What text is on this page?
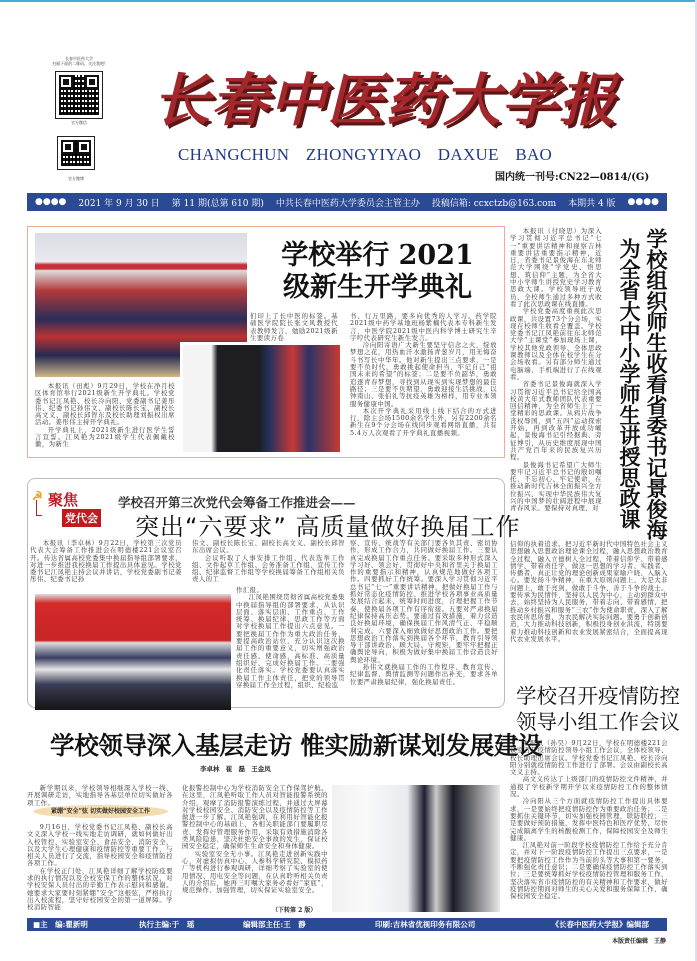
长春中医药大学
扫描下面的二维码，关注我吧!
官方微信
官方微博
长春中医药大学报
CHANGCHUN ZHONGYIYAO DAXUE BAO
国内统一刊号:CN22—0814/(G)
●●●● 2021 年 9 月 30 日 第 11 期(总第 610 期) 中共长春中医药大学委员会主管主办 投稿信箱: ccxctzb@163.com 本期共 4 版 ●●●●
学校举行 2021 级新生开学典礼

本报讯（田彪）9月29日，学校在净月校区体育馆举行2021级新生开学典礼。学校党委书记江凤艳、校长冷向阳、党委副书记姜彤伟、纪委书记孙伟文、副校长陈长宝、副校长高文义、副校长邱智东及校长助理刘振权出席活动。姜彤伟主持开学典礼。

开学典礼上，2021级新生进行医学生誓言宣誓。江凤艳为2021级学生代表佩戴校徽，为新生

们印上了长中医的标签。基础医学院院长张文风教授代表教师发言，勉励2021级新生要读万卷

书、行万里路，要多向优秀的人学习。药学院2021级中药学基地班杨紫楠代表本专科新生发言，中医学院2021级中医内科学博士研究生辛宇哼代表研究生新生发言。

冷向阳寄语广大新生要坚守信念之火，绽放梦想之花，用热血汗水激扬青葱岁月，用无悔奋斗书写长中华年。他对新生提出三点要求，一是要不负时代，勇敢挑起使命担当，牢记自己“祖国未来的希望”的标签；二是要不负韶华，勇敢追逐青春梦想，寻找到从现实到实现梦想的最佳路径；三是要不负期望，勇敢迎接生活挑战，以钟南山、张伯礼等抗疫英雄为榜样，用专业本领服务健康中国。

本次开学典礼采用线上线下结合的方式进行，除主会场1500余名学生外，另有2200余名新生在9个分会场在线同步观看网络直播，共有5.4万人次观看了开学典礼直播视频。	学校组织师生收看省委书记景俊海
为全省大中小学师生讲授思政课

本报讯（付晓思）为深入学习贯彻习近平总书记“七一”重要讲话精神和视察吉林重要讲话重要指示精神，近日，省委书记景俊海在东北师范大学围绕“学党史、悟思想、筑信仰”主题，为全省大中小学师生讲授党史学习教育思政大课。学校领导班子成员、全校师生通过多种方式收看了此次思政课在线直播。

学校党委高度重视此次思政课，共设置73个分会场，实现在校师生收看全覆盖。学校党委书记江凤艳前往东北师范大学“主课堂”参加现场上课，学校其他党政领导、全体思政课教师以及全体在校学生在分会场收看。另有部分师生通过电脑端、手机端进行了在线观看。

省委书记景俊海就深入学习贯彻习近平总书记给全国高校黄大年式教师团队代表重要回信精神，为全省师生上了一堂精彩的思政课。从鸦片战争丧权辱国，到“五四”运动探索开始，再到改革开放成功崛起，景俊海书记引经据典、旁征博引，从历史维度展现中国共产党百年来的民族复兴历程。

景俊海书记希望广大师生要牢记习近平总书记的殷切嘱托，不忘初心、牢记使命，在推动新时代吉林全面振兴全方位振兴、实现中华民族伟大复兴的中国梦的壮阔进程中展现青春风采。要保持对真理、对

信仰的执着追求。把习近平新时代中国特色社会主义思想融入思想政治理论课全过程，融入思想政治教育全过程，融入立德树人全过程，带着信仰学、带着感情学、带着责任学，做这一思想的学习者、实践者、传播者，真正让党的理论创新成果家喻户晓、入脑入心。要发扬斗争精神，在重大原则问题上、大是大非问题上，敢于亮剑，做敢于斗争、善于斗争的战士。要传承为民情怀，坚持以人民为中心，主动到群众中去，始终坚持为人民服务，带着志向、带着感情，把推动乡村振兴和服务“三农”作为使命职责，深入了解农民所思所想，为农民解决实际问题。要勇于创新创造，大力推动科技创新，积极投身创业洪流，特别要着力推动科技创新和农业发展紧密结合，全面提高现代农业发展水平。

☭ 聚焦
党代会
学校召开第三次党代会筹备工作推进会——
突出“六要求” 高质量做好换届工作

本报讯（李卓林）9月22日，学校第三次党员代表大会筹备工作推进会在明德楼221会议室召开。传达省属高校党委集中换届指导组部署要求，对进一步推进我校换届工作提出具体意见。学校党委书记江凤艳主持会议并讲话，学校党委副书记姜彤伟、纪委书记孙

伟文、副校长陈长宝、副校长高文义、副校长邱智东出席会议。

会议听取了人事安排工作组、代表选举工作组、文件起草工作组、会务准备工作组、宣传工作组、纪律监督工作组等学校换届筹备工作组相关负责人的工

作汇报。

江凤艳围绕贯彻省属高校党委集中换届指导组的部署要求，从认识层面、落实层面、工作重点、工作统筹、换届纪律、思政工作等方面对学校换届工作提出六点意见。一要把换届工作作为重大政治任务，要提高政治站位，充分认识这次换届工作的重要意义，切实增强政治责任感、使命感，高标准、高质量组织好、完成好换届工作。二要强化责任落实。学校党委要认真落实换届工作主体责任，把党的领导贯穿换届工作全过程，组织、纪检监

察、宣传、统战等有关部门要各负其责、密切协作，形成工作合力，共同做好换届工作。三要认真完成换届工作重点任务。要采取多种形式深入学习好、领会好、贯彻好中央和省里关于换届工作的重要指示和精神，认真规范地做好各项工作。四要抓好工作统筹。要深入学习贯彻习近平总书记“七一”重要讲话精神，把做好换届工作与抓好常态化疫情防控、推进学校各项事业高质量发展结合起来，统筹时间进度，合理把握工作节奏，使换届各项工作有序衔接。五要对严肃换届纪律保持高压态势。要通过有效措施，着力营造良好换届环境，确保换届工作风清气正、平稳顺利完成。六要深入细致做好思想政治工作。要把思想政治工作落实到换届各个环节，教育引导领导干部讲政治、顾大局、守规矩，要牢牢把握正确舆论导向，积极为做好集中换届工作营造良好舆论环境。

孙伟文就换届工作的工作程序、教育宣传、纪律监督、舆情监测等问题作出补充，要求各单位要严肃换届纪律，强化换届责任。

学校领导深入基层走访 惟实励新谋划发展建设
李卓林 崔 磊 王金凤

新学期以来，学校领导相继深入学校一线，开展调研走访，实地指导各基层单位切实做好各项工作。

紧绷“安全”弦 切实做好校园安全工作

9月16日，学校党委书记江凤艳、副校长高文义深入学校一线实地走访调研，就如何做好出入校管控、实验室安全、食品安全、消防安全，以及大学生心理健康和疫情防控等重要工作，与相关人员进行了交流，指导校园安全和疫情防控各项工作。

在学校正门处，江凤艳详细了解学校防疫要求的执行情况以及全校安保工作的整体状况，对学校安保人员付出的辛勤工作表示慰问和感谢。她要求大家要时刻紧绷“安全”这根弦，严格执行出入校流程，坚守好校园安全的第一道屏障。学校消防智能

化报警控制中心为学校消防安全工作保驾护航。在这里，江凤艳听取工作人员对智能报警系统的介绍，观摩了消防报警演练过程，并通过大屏幕对学校校园安全、消防安全以及疫情防控等工作做进一步了解。江凤艳强调，在利用好智能化报警控制中心的基础上，各相关职能部门要履职尽责，发挥好管理服务作用，采取有效措施消除各类风险隐患，坚决杜绝安全事故的发生，保证校园安全稳定，确保师生生命安全和身体健康。

实验室安全无小事。江凤艳走进创新实践中心，对虚拟仿真中心、人参科学研究院、模拟药厂等机构进行参观调研，详细考察了实验室的使用情况、用电安全等问题，在认真聆听相关负责人的介绍后，她再三叮嘱大家务必看好“家底”，规范操作、加强管理，切实保证实验室安全。

（下转第 2 版）
学校召开疫情防控领导小组工作会议

本报讯（孙昊）9月22日，学校在明德楼221会议室召开疫情防控领导小组工作会议，全体校领导、校长助理出席会议。学校党委书记江凤艳、校长冷向阳分别就疫情防控工作进行了部署。会议由副校长高文义主持。

高文义传达了上级部门的疫情防控文件精神，并通报了学校新学期开学以来疫情防控工作的整体情况。

冷向阳从三个方面就疫情防控工作提出具体要求，一是要始终把疫情防控作为重要政治任务；二是要抓住关键环节，切实加强校园管理，联防联控；三是要做好预防措施，发挥中医特色和医疗优势，尽快完成隔离学生的核酸检测工作，保障校园安全及师生健康。

江凤艳对前一阶段学校疫情防控工作给予充分肯定，并对下一阶段疫情防控工作提出三点要求，一是要把疫情防控工作作为当前的头等大事和第一要务，不断强化责任意识；二是要确保疫情防控工作落实到位；三是要统筹抓好学校疫情防控管理和服务工作，坚决落实省市疫情防控的有关精神和工作要求，做好疫情防控期间对师生的关心关爱和服务保障工作，确保校园安全稳定。

■主　编:瞿新明	执行主编:于　瑶	编辑部主任:王　静	印刷:吉林省优视印务有限公司	《长春中医药大学报》编辑部
本版责任编辑　王静
